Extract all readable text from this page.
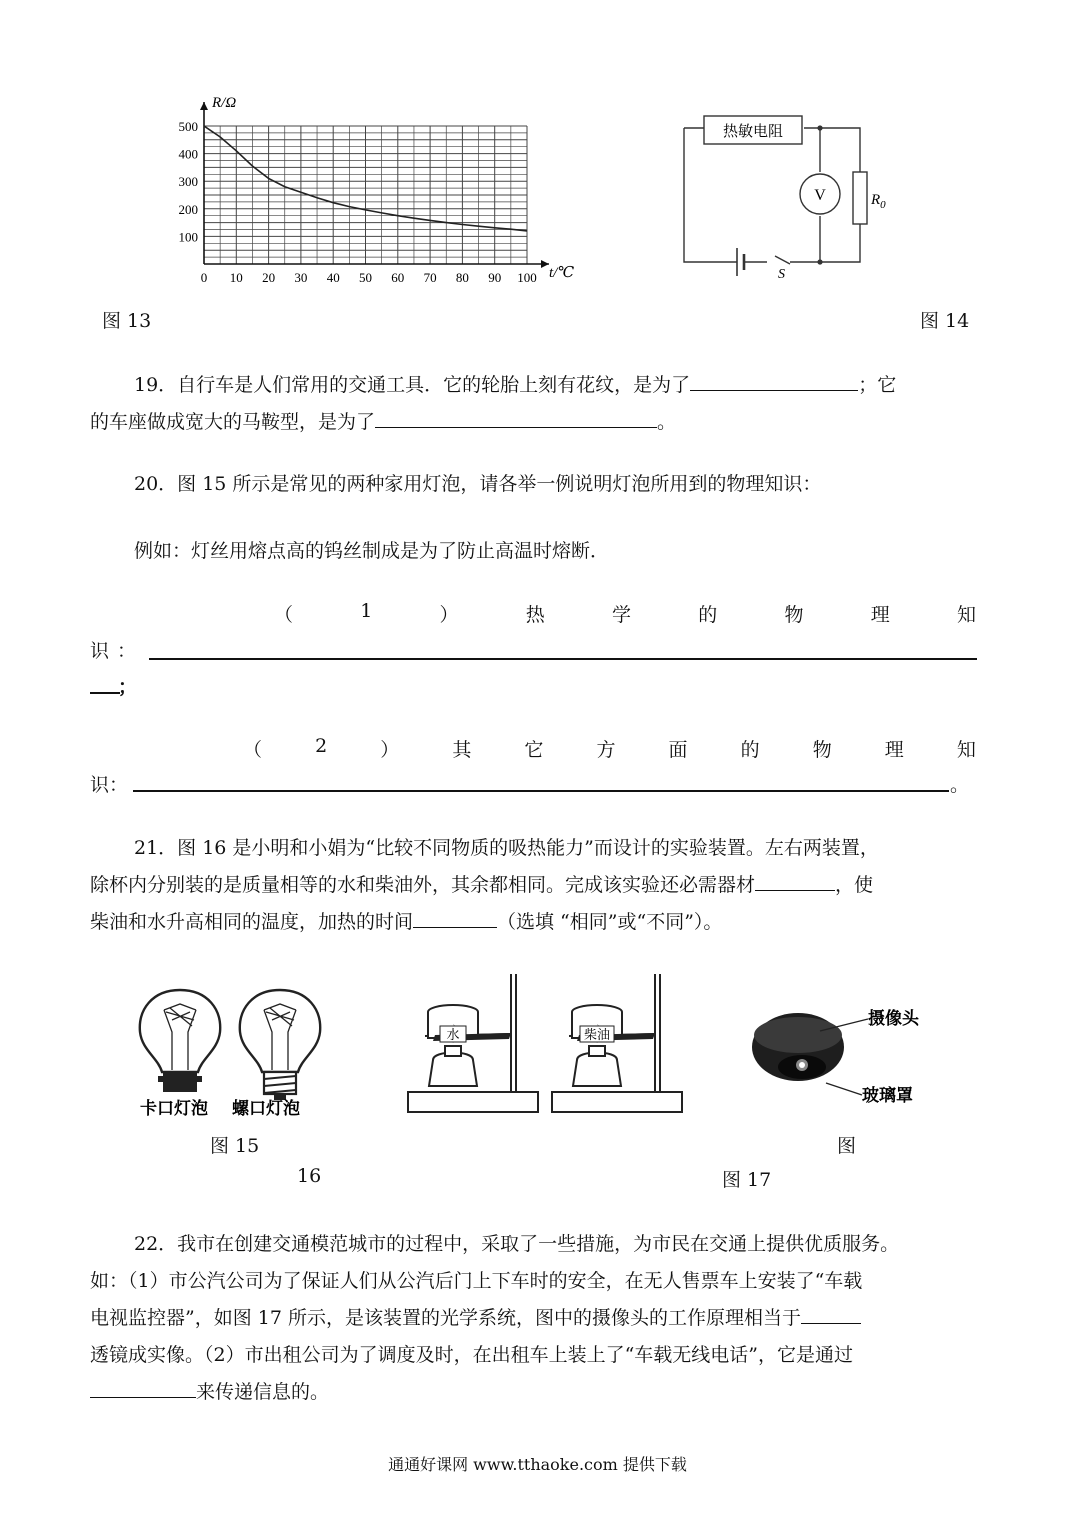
500
400
300
200
100
0 10 20 30 40 50 60 70 80 90 100
R/Ω
t/℃
图 13
热敏电阻
V	$R_0$
S
图 14
19．自行车是人们常用的交通工具．它的轮胎上刻有花纹，是为了	；它
的车座做成宽大的马鞍型，是为了	。
20．图 15 所示是常见的两种家用灯泡，请各举一例说明灯泡所用到的物理知识：
例如：灯丝用熔点高的钨丝制成是为了防止高温时熔断．
（	1	）	热	学	的	物	理	知
识：
；
（	2	）	其	它	方	面	的	物	理	知
识：	。
21．图 16 是小明和小娟为“比较不同物质的吸热能力”而设计的实验装置。左右两装置，
除杯内分别装的是质量相等的水和柴油外，其余都相同。完成该实验还必需器材	，使
柴油和水升高相同的温度，加热的时间	（选填 “相同”或“不同”）。
卡口灯泡 螺口灯泡
图 15
水	柴油
16
摄像头
玻璃罩
图
图 17
22．我市在创建交通模范城市的过程中，采取了一些措施，为市民在交通上提供优质服务。
如：（1）市公汽公司为了保证人们从公汽后门上下车时的安全，在无人售票车上安装了“车载
电视监控器”，如图 17 所示，是该装置的光学系统，图中的摄像头的工作原理相当于
透镜成实像。（2）市出租公司为了调度及时，在出租车上装上了“车载无线电话”，它是通过
来传递信息的。
通通好课网 www.tthaoke.com 提供下载
